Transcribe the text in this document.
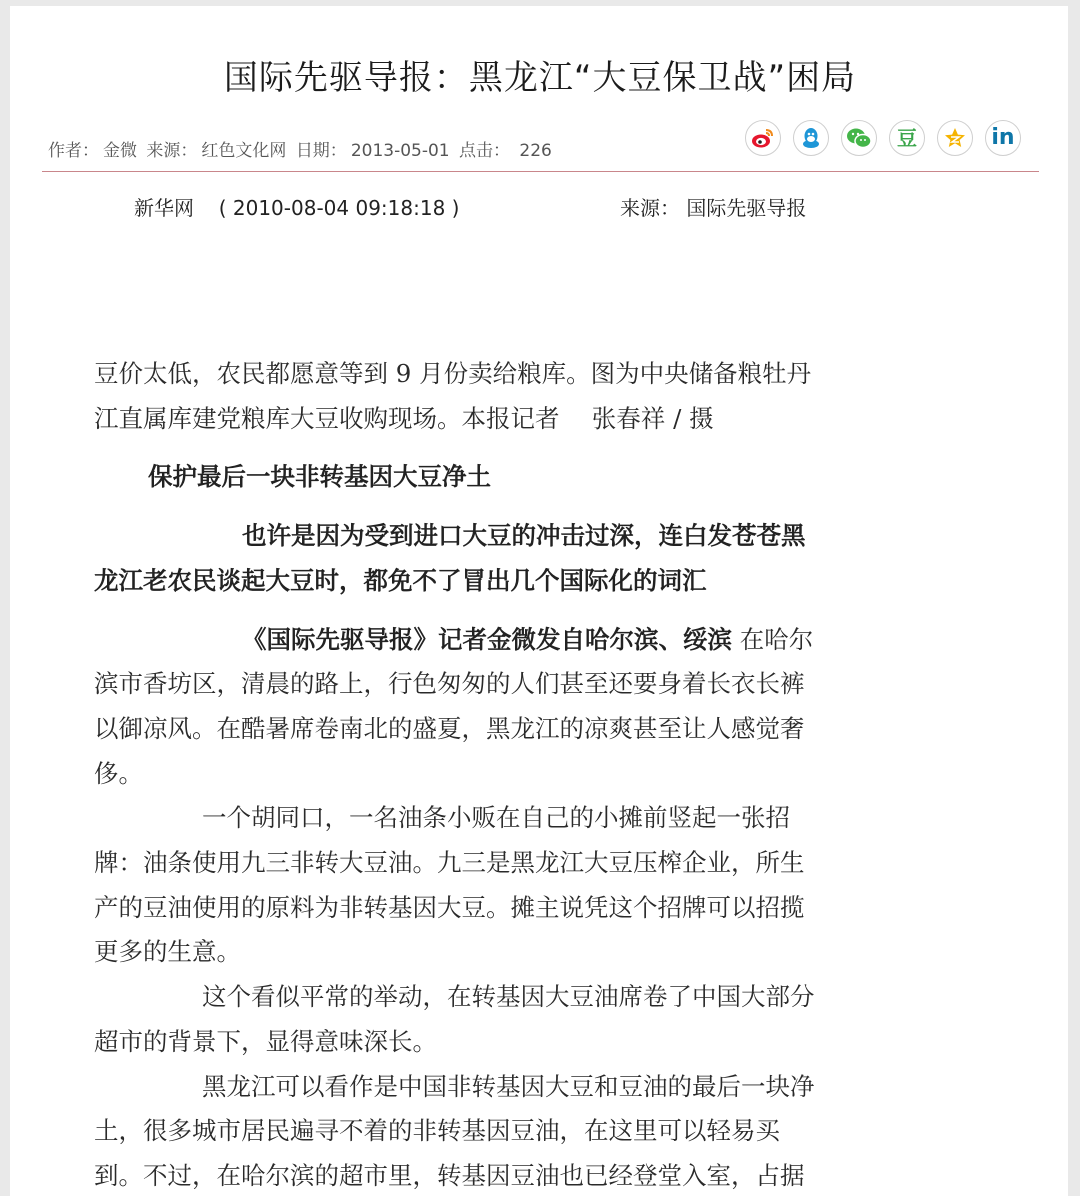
国际先驱导报：黑龙江“大豆保卫战”困局
作者： 金微 来源： 红色文化网 日期： 2013-05-01 点击： 226
豆	in
新华网 ( 2010-08-04 09:18:18 )	来源： 国际先驱导报

豆价太低，农民都愿意等到 9 月份卖给粮库。图为中央储备粮牡丹

江直属库建党粮库大豆收购现场。本报记者　 张春祥 / 摄

保护最后一块非转基因大豆净土

也许是因为受到进口大豆的冲击过深，连白发苍苍黑

龙江老农民谈起大豆时，都免不了冒出几个国际化的词汇

《国际先驱导报》记者金微发自哈尔滨、绥滨 在哈尔

滨市香坊区，清晨的路上，行色匆匆的人们甚至还要身着长衣长裤

以御凉风。在酷暑席卷南北的盛夏，黑龙江的凉爽甚至让人感觉奢

侈。

一个胡同口，一名油条小贩在自己的小摊前竖起一张招

牌：油条使用九三非转大豆油。九三是黑龙江大豆压榨企业，所生

产的豆油使用的原料为非转基因大豆。摊主说凭这个招牌可以招揽

更多的生意。

这个看似平常的举动，在转基因大豆油席卷了中国大部分

超市的背景下，显得意味深长。

黑龙江可以看作是中国非转基因大豆和豆油的最后一块净

土，很多城市居民遍寻不着的非转基因豆油，在这里可以轻易买

到。不过，在哈尔滨的超市里，转基因豆油也已经登堂入室，占据
